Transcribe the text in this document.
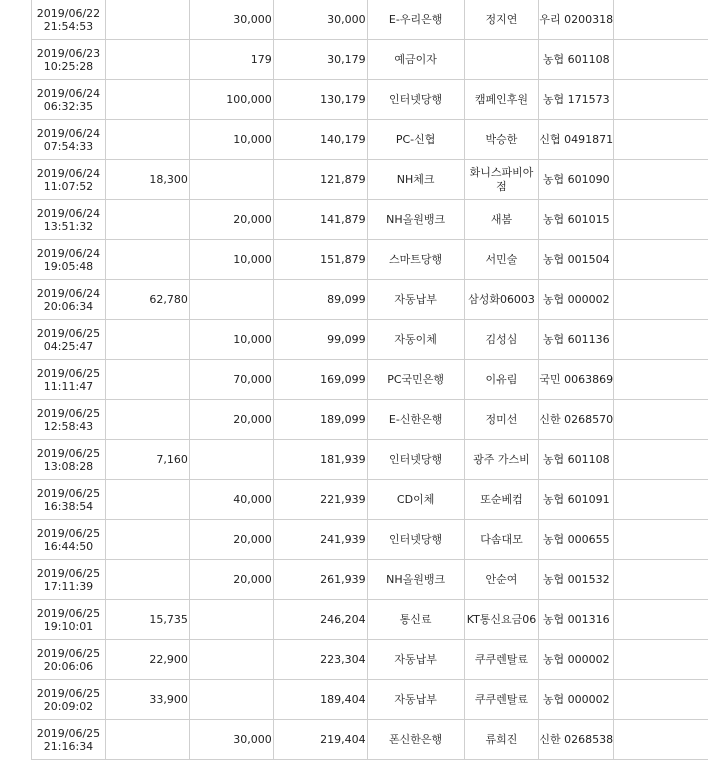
2019/06/22
21:54:53		30,000	30,000	E-우리은행	정지연	우리 0200318	
2019/06/23
10:25:28		179	30,179	예금이자		농협 601108	
2019/06/24
06:32:35		100,000	130,179	인터넷당행	캠페인후원	농협 171573	
2019/06/24
07:54:33		10,000	140,179	PC-신협	박승한	신협 0491871	
2019/06/24
11:07:52	18,300		121,879	NH체크	화니스파비아점	농협 601090	
2019/06/24
13:51:32		20,000	141,879	NH올원뱅크	새봄	농협 601015	
2019/06/24
19:05:48		10,000	151,879	스마트당행	서민술	농협 001504	
2019/06/24
20:06:34	62,780		89,099	자동납부	삼성화06003	농협 000002	
2019/06/25
04:25:47		10,000	99,099	자동이체	김성심	농협 601136	
2019/06/25
11:11:47		70,000	169,099	PC국민은행	이유림	국민 0063869	
2019/06/25
12:58:43		20,000	189,099	E-신한은행	정미선	신한 0268570	
2019/06/25
13:08:28	7,160		181,939	인터넷당행	광주 가스비	농협 601108	
2019/06/25
16:38:54		40,000	221,939	CD이체	또순베컴	농협 601091	
2019/06/25
16:44:50		20,000	241,939	인터넷당행	다솜대모	농협 000655	
2019/06/25
17:11:39		20,000	261,939	NH올원뱅크	안순여	농협 001532	
2019/06/25
19:10:01	15,735		246,204	통신료	KT통신요금06	농협 001316	
2019/06/25
20:06:06	22,900		223,304	자동납부	쿠쿠렌탈료	농협 000002	
2019/06/25
20:09:02	33,900		189,404	자동납부	쿠쿠렌탈료	농협 000002	
2019/06/25
21:16:34		30,000	219,404	폰신한은행	류희진	신한 0268538	
